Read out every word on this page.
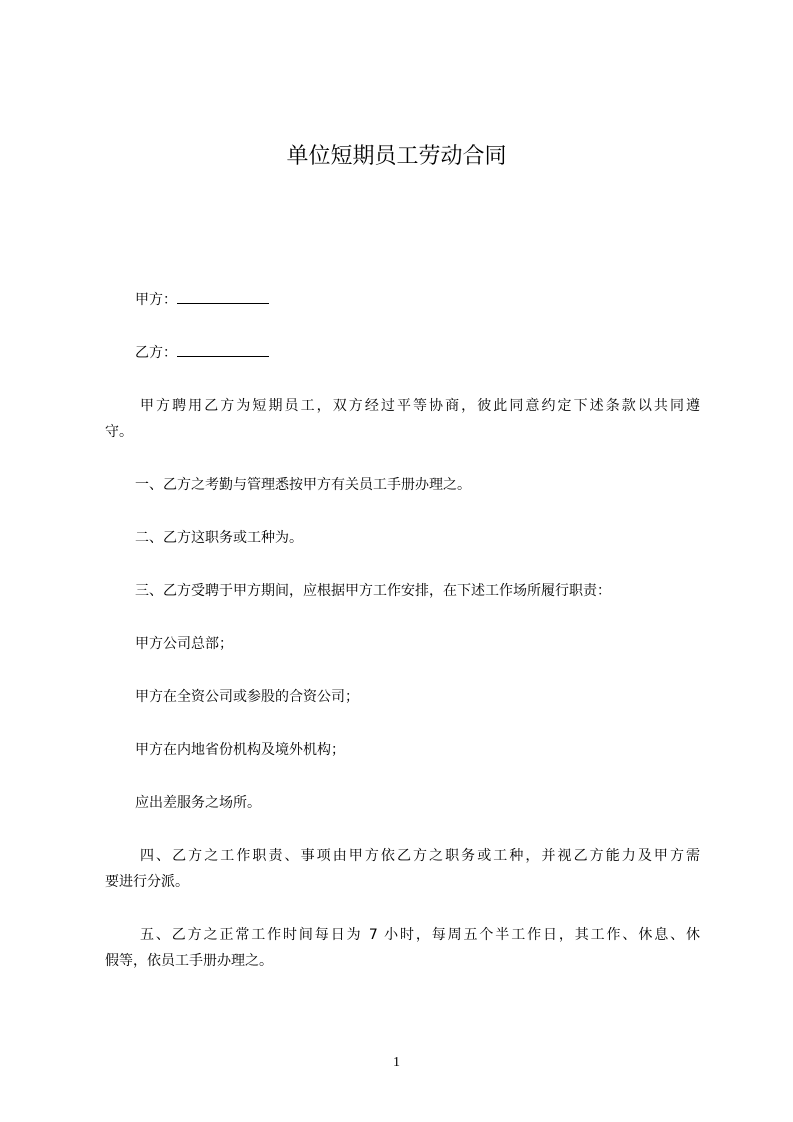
单位短期员工劳动合同

甲方：

乙方：

甲方聘用乙方为短期员工，双方经过平等协商，彼此同意约定下述条款以共同遵
守。

一、乙方之考勤与管理悉按甲方有关员工手册办理之。

二、乙方这职务或工种为。

三、乙方受聘于甲方期间，应根据甲方工作安排，在下述工作场所履行职责：

甲方公司总部；

甲方在全资公司或参股的合资公司；

甲方在内地省份机构及境外机构；

应出差服务之场所。

四、乙方之工作职责、事项由甲方依乙方之职务或工种，并视乙方能力及甲方需
要进行分派。

五、乙方之正常工作时间每日为 7 小时，每周五个半工作日，其工作、休息、休
假等，依员工手册办理之。

1
